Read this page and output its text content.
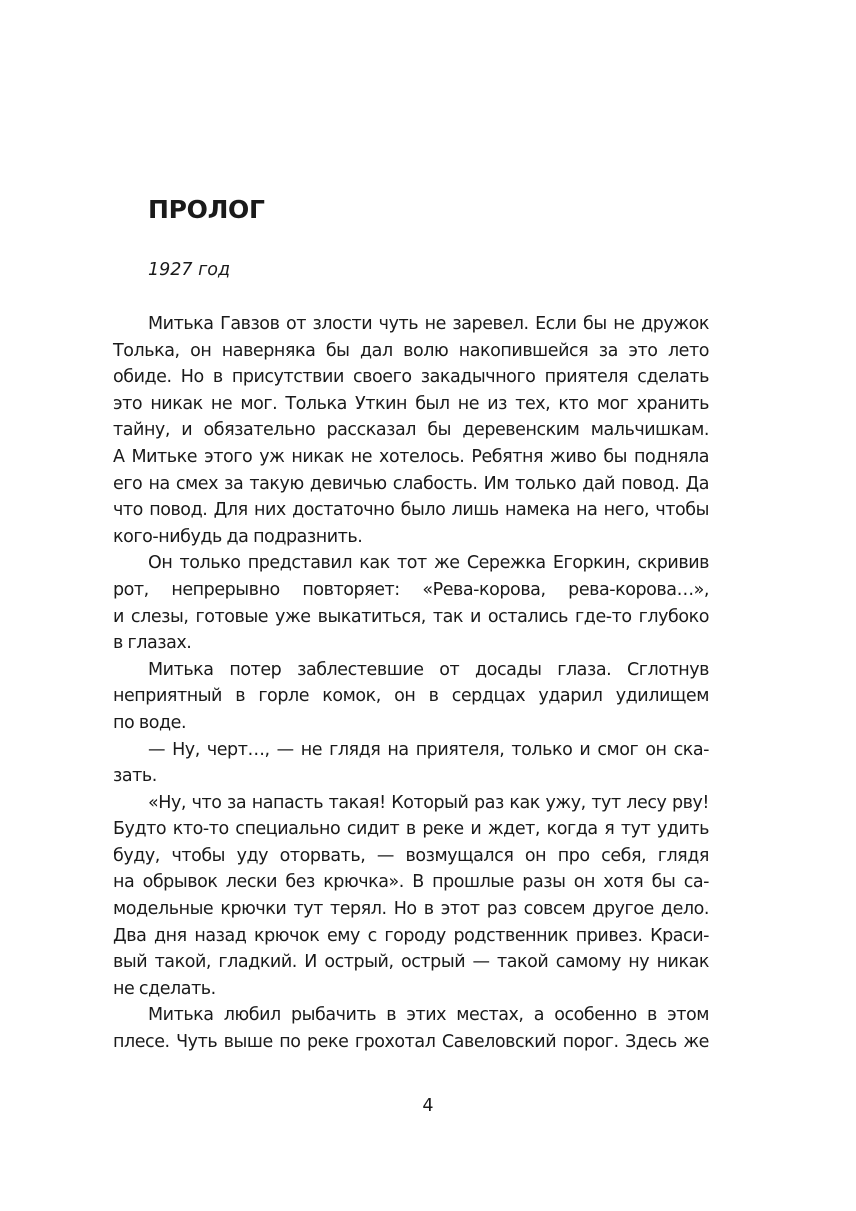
ПРОЛОГ

1927 год

Митька Гавзов от злости чуть не заревел. Если бы не дружок
Толька, он наверняка бы дал волю накопившейся за это лето
обиде. Но в присутствии своего закадычного приятеля сделать
это никак не мог. Толька Уткин был не из тех, кто мог хранить
тайну, и обязательно рассказал бы деревенским мальчишкам.
А Митьке этого уж никак не хотелось. Ребятня живо бы подняла
его на смех за такую девичью слабость. Им только дай повод. Да
что повод. Для них достаточно было лишь намека на него, чтобы
кого-нибудь да подразнить.
Он только представил как тот же Сережка Егоркин, скривив
рот, непрерывно повторяет: «Рева-корова, рева-корова…»,
и слезы, готовые уже выкатиться, так и остались где-то глубоко
в глазах.
Митька потер заблестевшие от досады глаза. Сглотнув
неприятный в горле комок, он в сердцах ударил удилищем
по воде.
— Ну, черт…, — не глядя на приятеля, только и смог он ска-
зать.
«Ну, что за напасть такая! Который раз как ужу, тут лесу рву!
Будто кто-то специально сидит в реке и ждет, когда я тут удить
буду, чтобы уду оторвать, — возмущался он про себя, глядя
на обрывок лески без крючка». В прошлые разы он хотя бы са-
модельные крючки тут терял. Но в этот раз совсем другое дело.
Два дня назад крючок ему с городу родственник привез. Краси-
вый такой, гладкий. И острый, острый — такой самому ну никак
не сделать.
Митька любил рыбачить в этих местах, а особенно в этом
плесе. Чуть выше по реке грохотал Савеловский порог. Здесь же
4
